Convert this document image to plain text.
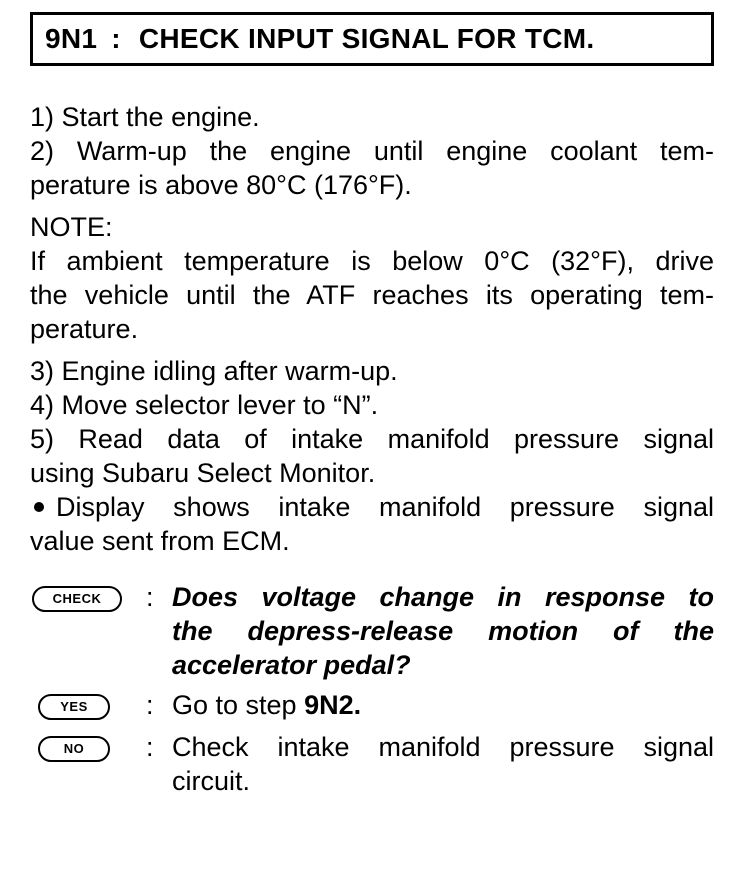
9N1 : CHECK INPUT SIGNAL FOR TCM.
1) Start the engine.
2) Warm-up the engine until engine coolant tem-
perature is above 80°C (176°F).
NOTE:
If ambient temperature is below 0°C (32°F), drive
the vehicle until the ATF reaches its operating tem-
perature.
3) Engine idling after warm-up.
4) Move selector lever to “N”.
5) Read data of intake manifold pressure signal
using Subaru Select Monitor.
Display shows intake manifold pressure signal
value sent from ECM.
CHECK	: Does voltage change in response to
the depress-release motion of the
accelerator pedal?
YES	: Go to step 9N2.
NO	: Check intake manifold pressure signal
circuit.
